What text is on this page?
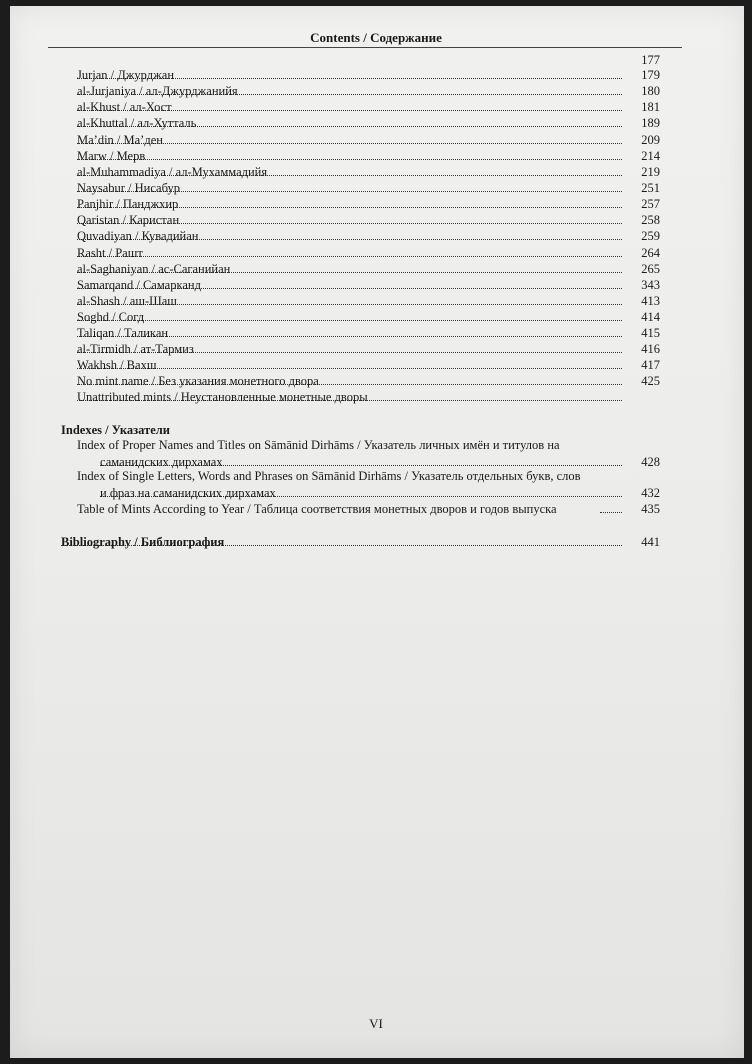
Contents / Содержание
177
Jurjan / Джурджан	179
al-Jurjaniya / ал-Джурджанийя	180
al-Khust / ал-Хост	181
al-Khuttal / ал-Хутталь	189
Ma’din / Ма’ден	209
Marw / Мерв	214
al-Muhammadiya / ал-Мухаммадийя	219
Naysabur / Нисабур	251
Panjhir / Панджхир	257
Qaristan / Каристан	258
Quvadiyan / Кувадийан	259
Rasht / Рашт	264
al-Saghaniyan / ас-Саганийан	265
Samarqand / Самарканд	343
al-Shash / аш-Шаш	413
Soghd / Согд	414
Taliqan / Таликан	415
al-Tirmidh / ат-Тармиз	416
Wakhsh / Вахш	417
No mint name / Без указания монетного двора	425
Unattributed mints / Неустановленные монетные дворы
Indexes / Указатели
Index of Proper Names and Titles on Sāmānid Dirhāms / Указатель личных имён и титулов на
саманидских дирхамах	428
Index of Single Letters, Words and Phrases on Sāmānid Dirhāms / Указатель отдельных букв, слов
и фраз на саманидских дирхамах	432
Table of Mints According to Year / Таблица соответствия монетных дворов и годов выпуска	435
Bibliography / Библиография	441
VI
